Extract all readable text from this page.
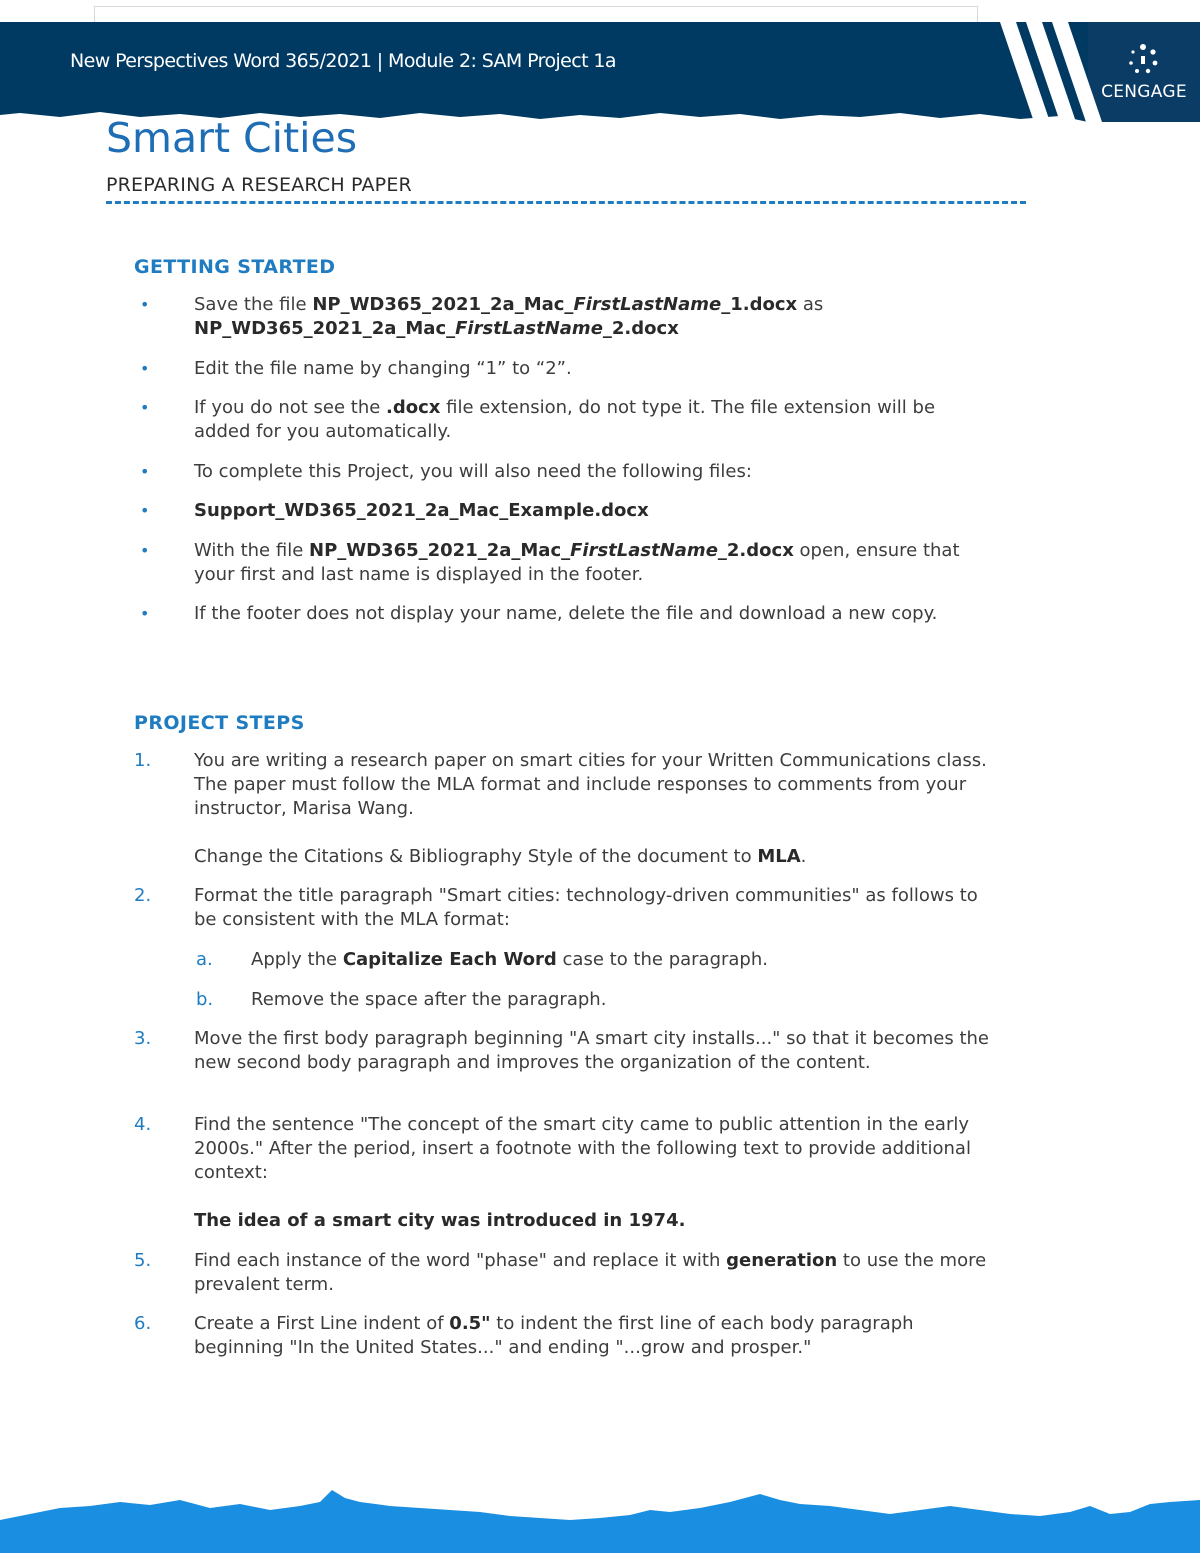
New Perspectives Word 365/2021 | Module 2: SAM Project 1a
CENGAGE
Smart Cities
PREPARING A RESEARCH PAPER
GETTING STARTED
• Save the file NP_WD365_2021_2a_Mac_FirstLastName_1.docx as
NP_WD365_2021_2a_Mac_FirstLastName_2.docx
• Edit the file name by changing “1” to “2”.
• If you do not see the .docx file extension, do not type it. The file extension will be added for you automatically.
• To complete this Project, you will also need the following files:
• Support_WD365_2021_2a_Mac_Example.docx
• With the file NP_WD365_2021_2a_Mac_FirstLastName_2.docx open, ensure that your first and last name is displayed in the footer.
• If the footer does not display your name, delete the file and download a new copy.
PROJECT STEPS
1. You are writing a research paper on smart cities for your Written Communications class. The paper must follow the MLA format and include responses to comments from your instructor, Marisa Wang.
Change the Citations & Bibliography Style of the document to MLA.
2. Format the title paragraph "Smart cities: technology-driven communities" as follows to be consistent with the MLA format:
a. Apply the Capitalize Each Word case to the paragraph.
b. Remove the space after the paragraph.
3. Move the first body paragraph beginning "A smart city installs..." so that it becomes the new second body paragraph and improves the organization of the content.
4. Find the sentence "The concept of the smart city came to public attention in the early 2000s." After the period, insert a footnote with the following text to provide additional context:
The idea of a smart city was introduced in 1974.
5. Find each instance of the word "phase" and replace it with generation to use the more prevalent term.
6. Create a First Line indent of 0.5" to indent the first line of each body paragraph beginning "In the United States..." and ending "...grow and prosper."
